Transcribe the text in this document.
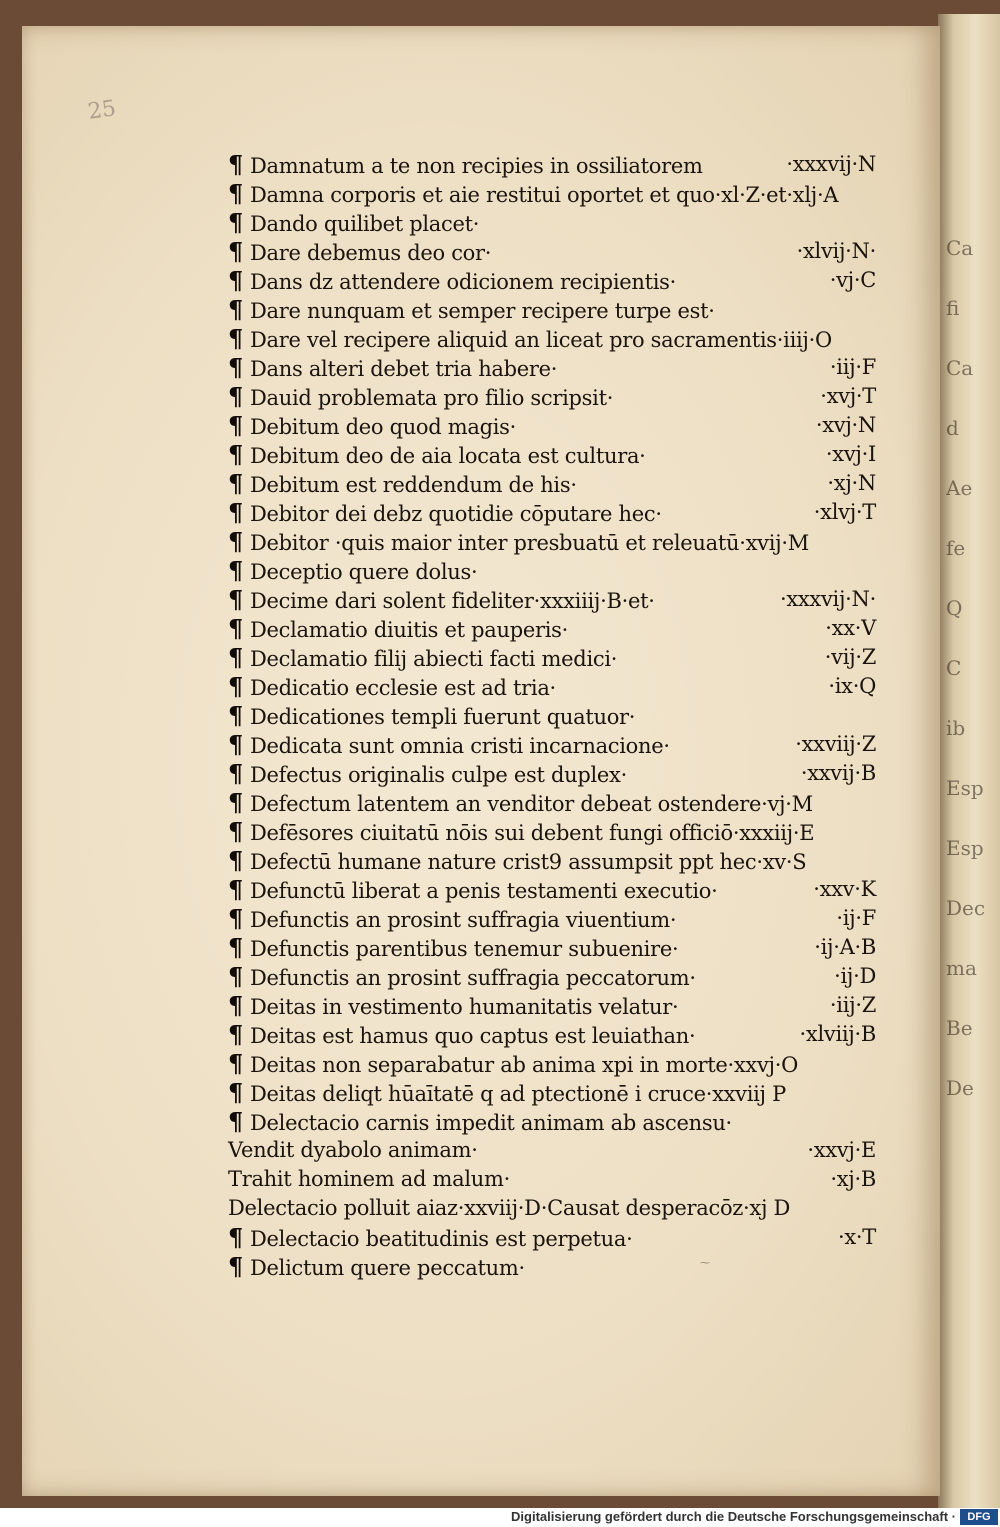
Ca
fi
Ca
d
Ae
fe
Q
C
ib
Esp
Esp
Dec
ma
Be
De
25
¶ Damnatum a te non recipies in ossiliatorem	·xxxvij·N
¶ Damna corporis et aie restitui oportet et quo·xl·Z·et·xlj·A
¶ Dando quilibet placet·
¶ Dare debemus deo cor·	·xlvij·N·
¶ Dans dz attendere odicionem recipientis·	·vj·C
¶ Dare nunquam et semper recipere turpe est·
¶ Dare vel recipere aliquid an liceat pro sacramentis·iiij·O
¶ Dans alteri debet tria habere·	·iij·F
¶ Dauid problemata pro filio scripsit·	·xvj·T
¶ Debitum deo quod magis·	·xvj·N
¶ Debitum deo de aia locata est cultura·	·xvj·I
¶ Debitum est reddendum de his·	·xj·N
¶ Debitor dei debz quotidie cōputare hec·	·xlvj·T
¶ Debitor ·quis maior inter presbuatū et releuatū·xvij·M
¶ Deceptio quere dolus·
¶ Decime dari solent fideliter·xxxiiij·B·et·	·xxxvij·N·
¶ Declamatio diuitis et pauperis·	·xx·V
¶ Declamatio filij abiecti facti medici·	·vij·Z
¶ Dedicatio ecclesie est ad tria·	·ix·Q
¶ Dedicationes templi fuerunt quatuor·
¶ Dedicata sunt omnia cristi incarnacione·	·xxviij·Z
¶ Defectus originalis culpe est duplex·	·xxvij·B
¶ Defectum latentem an venditor debeat ostendere·vj·M
¶ Defēsores ciuitatū nōis sui debent fungi officiō·xxxiij·E
¶ Defectū humane nature crist9 assumpsit ppt hec·xv·S
¶ Defunctū liberat a penis testamenti executio·	·xxv·K
¶ Defunctis an prosint suffragia viuentium·	·ij·F
¶ Defunctis parentibus tenemur subuenire·	·ij·A·B
¶ Defunctis an prosint suffragia peccatorum·	·ij·D
¶ Deitas in vestimento humanitatis velatur·	·iij·Z
¶ Deitas est hamus quo captus est leuiathan·	·xlviij·B
¶ Deitas non separabatur ab anima xpi in morte·xxvj·O
¶ Deitas deliqt hūaītatē q ad ptectionē i cruce·xxviij P
¶ Delectacio carnis impedit animam ab ascensu·
Vendit dyabolo animam·	·xxvj·E
Trahit hominem ad malum·	·xj·B
Delectacio polluit aiaz·xxviij·D·Causat desperacōz·xj D
¶ Delectacio beatitudinis est perpetua·	·x·T
¶ Delictum quere peccatum·	⁓
Digitalisierung gefördert durch die Deutsche Forschungsgemeinschaft ·	DFG
